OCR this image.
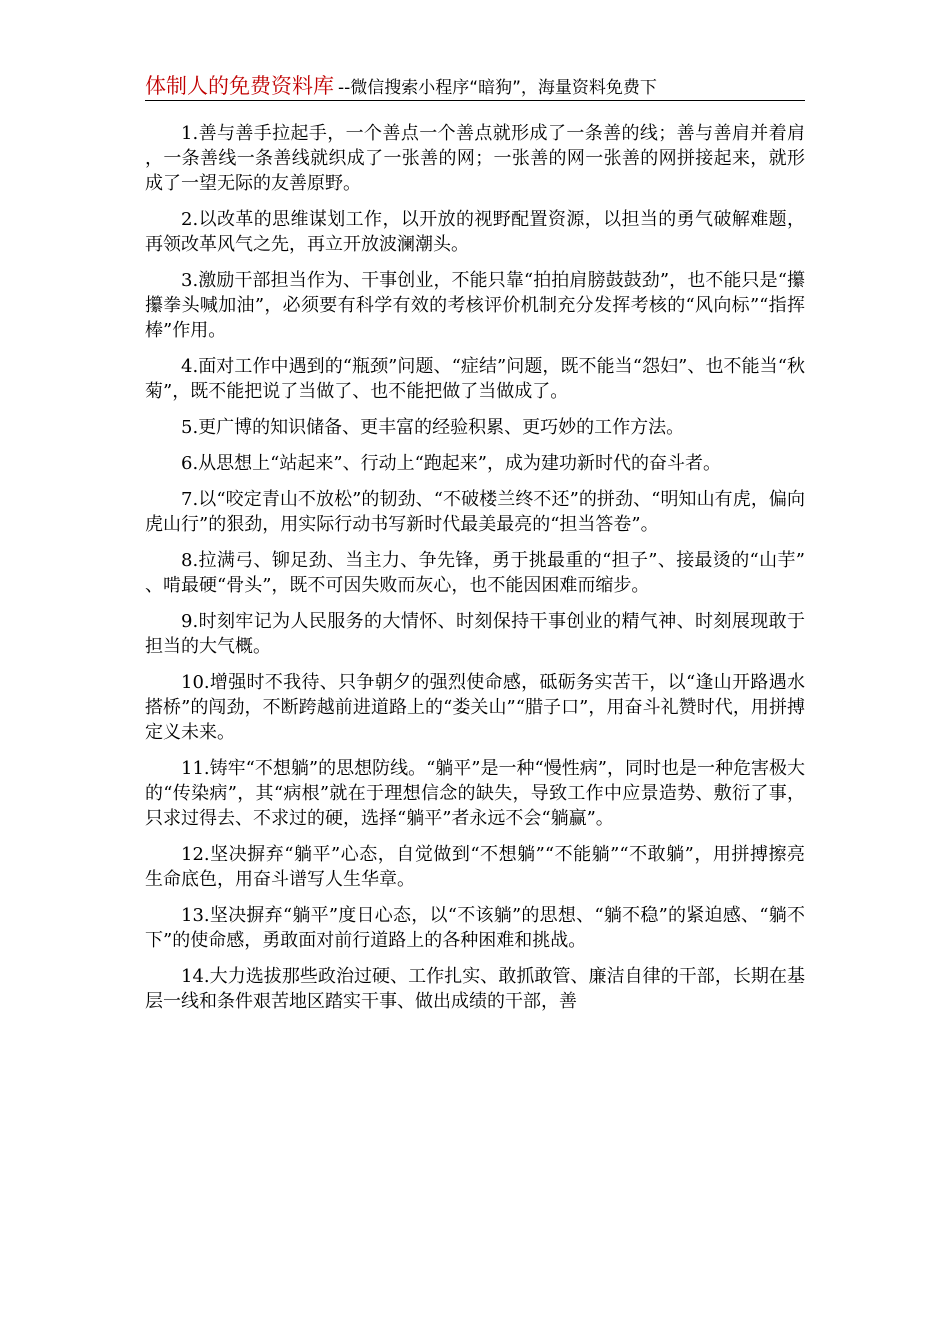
体制人的免费资料库 --微信搜索小程序“暗狗”，海量资料免费下

1.善与善手拉起手，一个善点一个善点就形成了一条善的线；善与善肩并着肩，一条善线一条善线就织成了一张善的网；一张善的网一张善的网拼接起来，就形成了一望无际的友善原野。

2.以改革的思维谋划工作，以开放的视野配置资源，以担当的勇气破解难题，再领改革风气之先，再立开放波澜潮头。

3.激励干部担当作为、干事创业，不能只靠“拍拍肩膀鼓鼓劲”，也不能只是“攥攥拳头喊加油”，必须要有科学有效的考核评价机制充分发挥考核的“风向标”“指挥棒”作用。

4.面对工作中遇到的“瓶颈”问题、“症结”问题，既不能当“怨妇”、也不能当“秋菊”，既不能把说了当做了、也不能把做了当做成了。

5.更广博的知识储备、更丰富的经验积累、更巧妙的工作方法。

6.从思想上“站起来”、行动上“跑起来”，成为建功新时代的奋斗者。

7.以“咬定青山不放松”的韧劲、“不破楼兰终不还”的拼劲、“明知山有虎，偏向虎山行”的狠劲，用实际行动书写新时代最美最亮的“担当答卷”。

8.拉满弓、铆足劲、当主力、争先锋，勇于挑最重的“担子”、接最烫的“山芋”、啃最硬“骨头”，既不可因失败而灰心，也不能因困难而缩步。

9.时刻牢记为人民服务的大情怀、时刻保持干事创业的精气神、时刻展现敢于担当的大气概。

10.增强时不我待、只争朝夕的强烈使命感，砥砺务实苦干，以“逢山开路遇水搭桥”的闯劲，不断跨越前进道路上的“娄关山”“腊子口”，用奋斗礼赞时代，用拼搏定义未来。

11.铸牢“不想躺”的思想防线。“躺平”是一种“慢性病”，同时也是一种危害极大的“传染病”，其“病根”就在于理想信念的缺失，导致工作中应景造势、敷衍了事，只求过得去、不求过的硬，选择“躺平”者永远不会“躺赢”。

12.坚决摒弃“躺平”心态，自觉做到“不想躺”“不能躺”“不敢躺”，用拼搏擦亮生命底色，用奋斗谱写人生华章。

13.坚决摒弃“躺平”度日心态，以“不该躺”的思想、“躺不稳”的紧迫感、“躺不下”的使命感，勇敢面对前行道路上的各种困难和挑战。

14.大力选拔那些政治过硬、工作扎实、敢抓敢管、廉洁自律的干部，长期在基层一线和条件艰苦地区踏实干事、做出成绩的干部，善
